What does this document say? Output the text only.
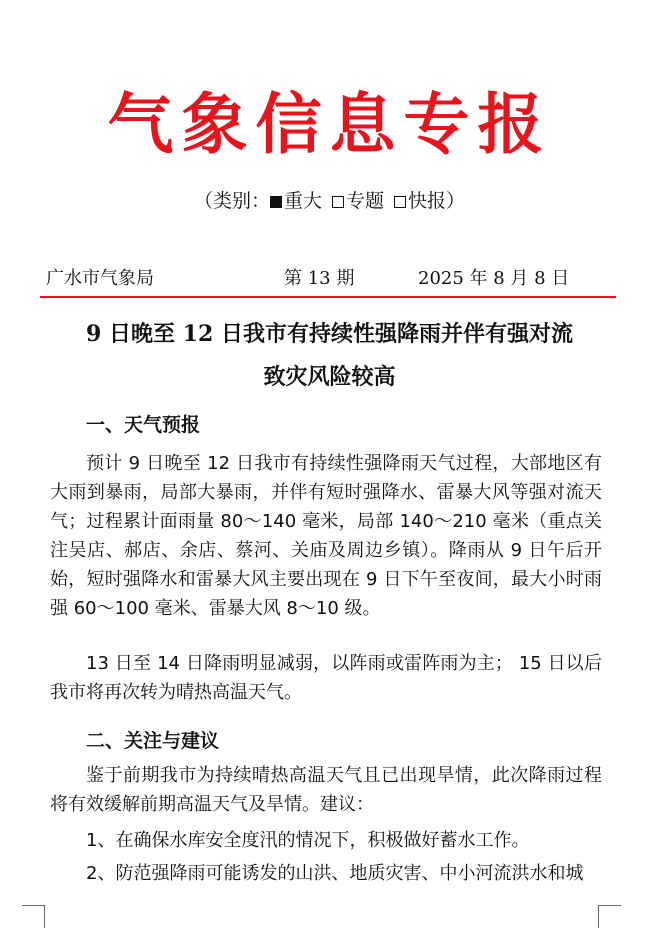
气象信息专报
（类别： 重大 专题 快报）
广水市气象局	第 13 期	2025 年 8 月 8 日
9 日晚至 12 日我市有持续性强降雨并伴有强对流
致灾风险较高
一、天气预报
预计 9 日晚至 12 日我市有持续性强降雨天气过程，大部地区有大雨到暴雨，局部大暴雨，并伴有短时强降水、雷暴大风等强对流天气；过程累计面雨量 80～140 毫米，局部 140～210 毫米（重点关注吴店、郝店、余店、蔡河、关庙及周边乡镇）。降雨从 9 日午后开始，短时强降水和雷暴大风主要出现在 9 日下午至夜间，最大小时雨强 60～100 毫米、雷暴大风 8～10 级。
13 日至 14 日降雨明显减弱，以阵雨或雷阵雨为主； 15 日以后我市将再次转为晴热高温天气。
二、关注与建议
鉴于前期我市为持续晴热高温天气且已出现旱情，此次降雨过程将有效缓解前期高温天气及旱情。建议：
1、在确保水库安全度汛的情况下，积极做好蓄水工作。
2、防范强降雨可能诱发的山洪、地质灾害、中小河流洪水和城
